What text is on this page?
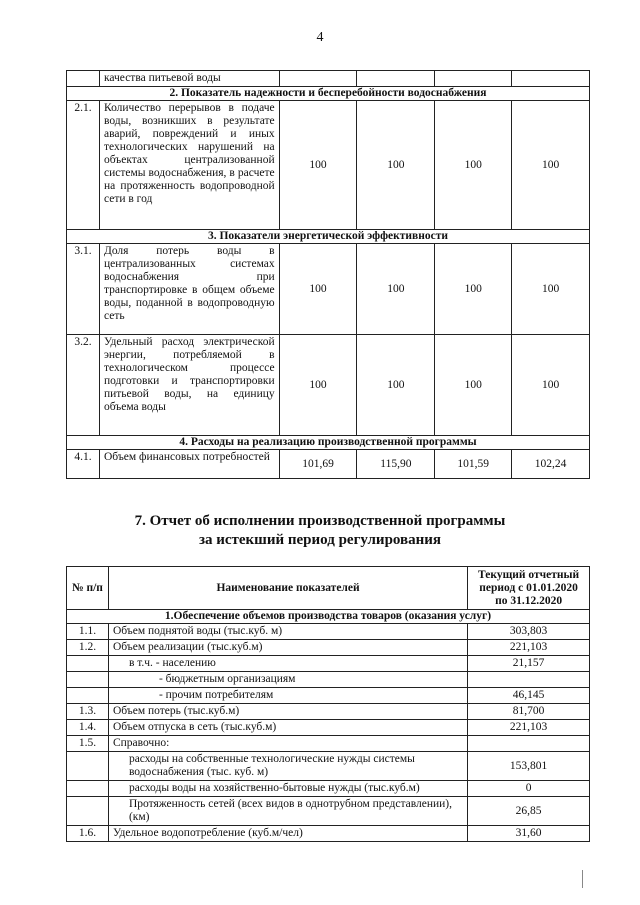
4
	качества питьевой воды				
2. Показатель надежности и бесперебойности водоснабжения					
2.1.	Количество перерывов в подаче воды, возникших в результате аварий, повреждений и иных технологических нарушений на объектах централизованной системы водоснабжения, в расчете на протяженность водопроводной сети в год	100	100	100	100
3. Показатели энергетической эффективности					
3.1.	Доля потерь воды в централизованных системах водоснабжения при транспортировке в общем объеме воды, поданной в водопроводную сеть	100	100	100	100
3.2.	Удельный расход электрической энергии, потребляемой в технологическом процессе подготовки и транспортировки питьевой воды, на единицу объема воды	100	100	100	100
4. Расходы на реализацию производственной программы					
4.1.	Объем финансовых потребностей	101,69	115,90	101,59	102,24
7. Отчет об исполнении производственной программы
за истекший период регулирования
№ п/п	Наименование показателей	Текущий отчетный период с 01.01.2020 по 31.12.2020
1.Обеспечение объемов производства товаров (оказания услуг)		
1.1.	Объем поднятой воды (тыс.куб. м)	303,803
1.2.	Объем реализации (тыс.куб.м)	221,103
	в т.ч. - населению	21,157
	- бюджетным организациям	
	- прочим потребителям	46,145
1.3.	Объем потерь (тыс.куб.м)	81,700
1.4.	Объем отпуска в сеть (тыс.куб.м)	221,103
1.5.	Справочно:	
	расходы на собственные технологические нужды системы водоснабжения (тыс. куб. м)	153,801
	расходы воды на хозяйственно-бытовые нужды (тыс.куб.м)	0
	Протяженность сетей (всех видов в однотрубном представлении), (км)	26,85
1.6.	Удельное водопотребление (куб.м/чел)	31,60
